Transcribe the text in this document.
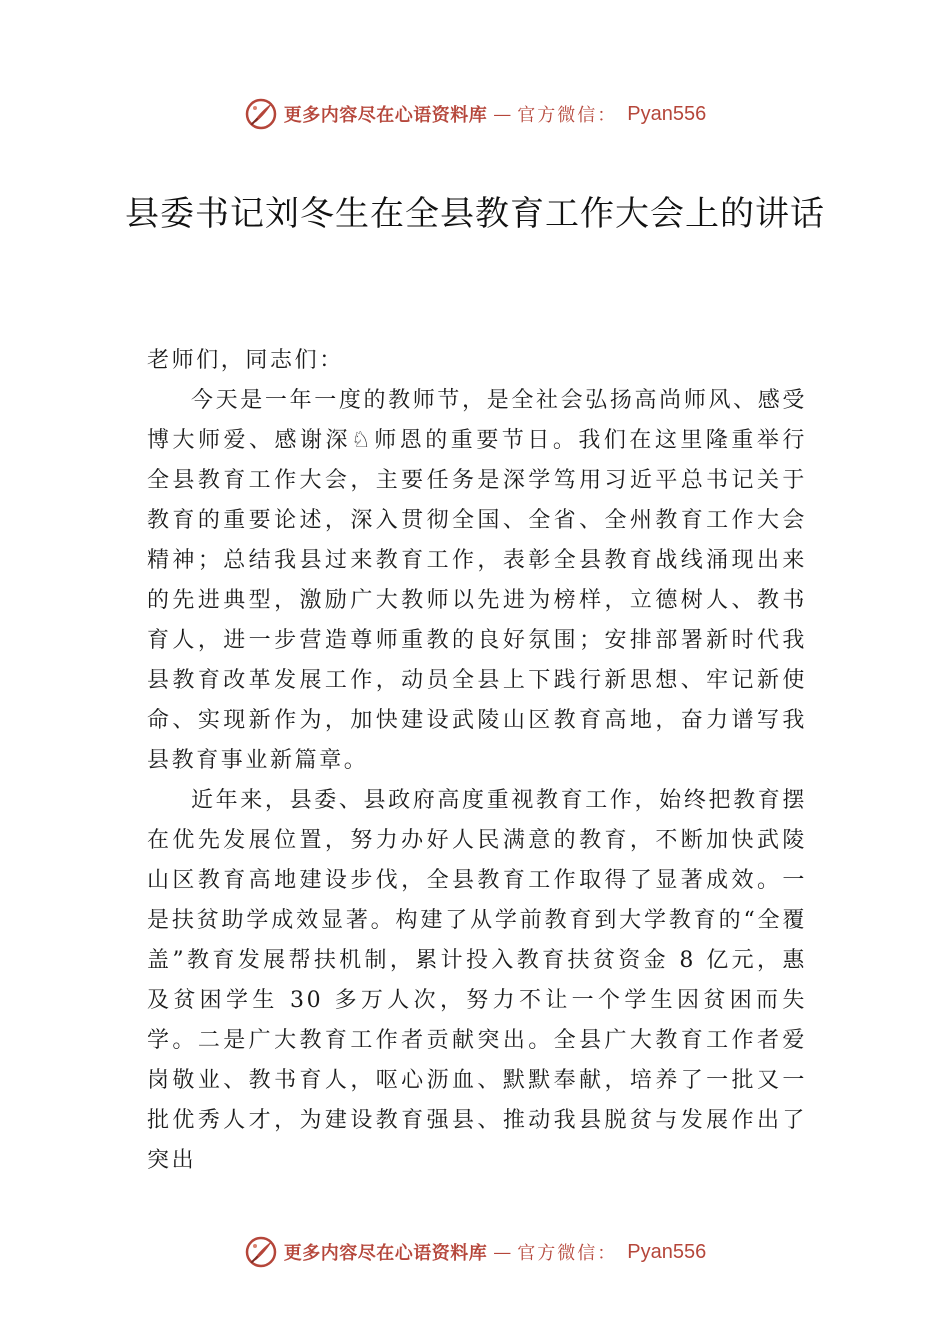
更多内容尽在心语资料库 — 官方微信： Pyan556
县委书记刘冬生在全县教育工作大会上的讲话

老师们，同志们：

今天是一年一度的教师节，是全社会弘扬高尚师风、感受博大师爱、感谢深♘师恩的重要节日。我们在这里隆重举行全县教育工作大会，主要任务是深学笃用习近平总书记关于教育的重要论述，深入贯彻全国、全省、全州教育工作大会精神；总结我县过来教育工作，表彰全县教育战线涌现出来的先进典型，激励广大教师以先进为榜样，立德树人、教书育人，进一步营造尊师重教的良好氛围；安排部署新时代我县教育改革发展工作，动员全县上下践行新思想、牢记新使命、实现新作为，加快建设武陵山区教育高地，奋力谱写我县教育事业新篇章。

近年来，县委、县政府高度重视教育工作，始终把教育摆在优先发展位置，努力办好人民满意的教育，不断加快武陵山区教育高地建设步伐，全县教育工作取得了显著成效。一是扶贫助学成效显著。构建了从学前教育到大学教育的“全覆盖”教育发展帮扶机制，累计投入教育扶贫资金 8 亿元，惠及贫困学生 30 多万人次，努力不让一个学生因贫困而失学。二是广大教育工作者贡献突出。全县广大教育工作者爱岗敬业、教书育人，呕心沥血、默默奉献，培养了一批又一批优秀人才，为建设教育强县、推动我县脱贫与发展作出了突出

更多内容尽在心语资料库 — 官方微信： Pyan556
